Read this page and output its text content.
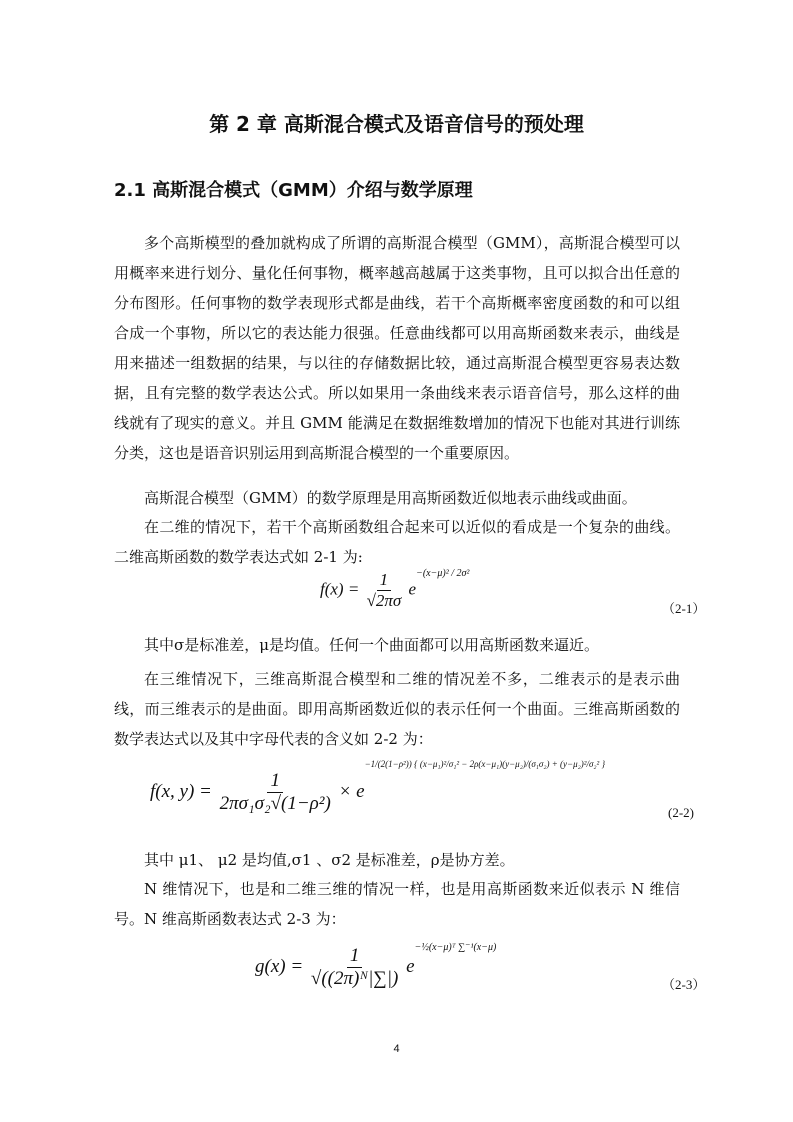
第 2 章 高斯混合模式及语音信号的预处理
2.1 高斯混合模式（GMM）介绍与数学原理

多个高斯模型的叠加就构成了所谓的高斯混合模型（GMM），高斯混合模型可以用概率来进行划分、量化任何事物，概率越高越属于这类事物，且可以拟合出任意的分布图形。任何事物的数学表现形式都是曲线，若干个高斯概率密度函数的和可以组合成一个事物，所以它的表达能力很强。任意曲线都可以用高斯函数来表示，曲线是用来描述一组数据的结果，与以往的存储数据比较，通过高斯混合模型更容易表达数据，且有完整的数学表达公式。所以如果用一条曲线来表示语音信号，那么这样的曲线就有了现实的意义。并且 GMM 能满足在数据维数增加的情况下也能对其进行训练分类，这也是语音识别运用到高斯混合模型的一个重要原因。

高斯混合模型（GMM）的数学原理是用高斯函数近似地表示曲线或曲面。

在二维的情况下，若干个高斯函数组合起来可以近似的看成是一个复杂的曲线。二维高斯函数的数学表达式如 2-1 为:

$f(x) = \frac{1}{√2\pi\sigma} e^{-(x-\mu)^2 / 2\sigma^2}$
（2-1）

其中σ是标准差，μ是均值。任何一个曲面都可以用高斯函数来逼近。

在三维情况下，三维高斯混合模型和二维的情况差不多，二维表示的是表示曲线，而三维表示的是曲面。即用高斯函数近似的表示任何一个曲面。三维高斯函数的数学表达式以及其中字母代表的含义如 2-2 为：

f(x, $y) = \frac{1}{\text{2πσ₁σ₂√(1−ρ²)}} \times e^{-1/(2(1-\rho^2)) \{ (x-\mu_1)^2/\sigma_1^2 - 2\rho(x-\mu_1)(y-\mu_2)/(\sigma_1\sigma_2) + (y-\mu_2)^2/\sigma_2^2 \}}$
(2-2)

其中 μ1、 μ2 是均值,σ1 、σ2 是标准差，ρ是协方差。

N 维情况下，也是和二维三维的情况一样，也是用高斯函数来近似表示 N 维信号。N 维高斯函数表达式 2-3 为：

$g(x) = \frac{1}{\text{√((2π)ᴺ|∑|)}} e^{-\frac{1}{2}(x-\mu)ᵀ \sum^{-1}(x-\mu)}$
（2-3）
4
